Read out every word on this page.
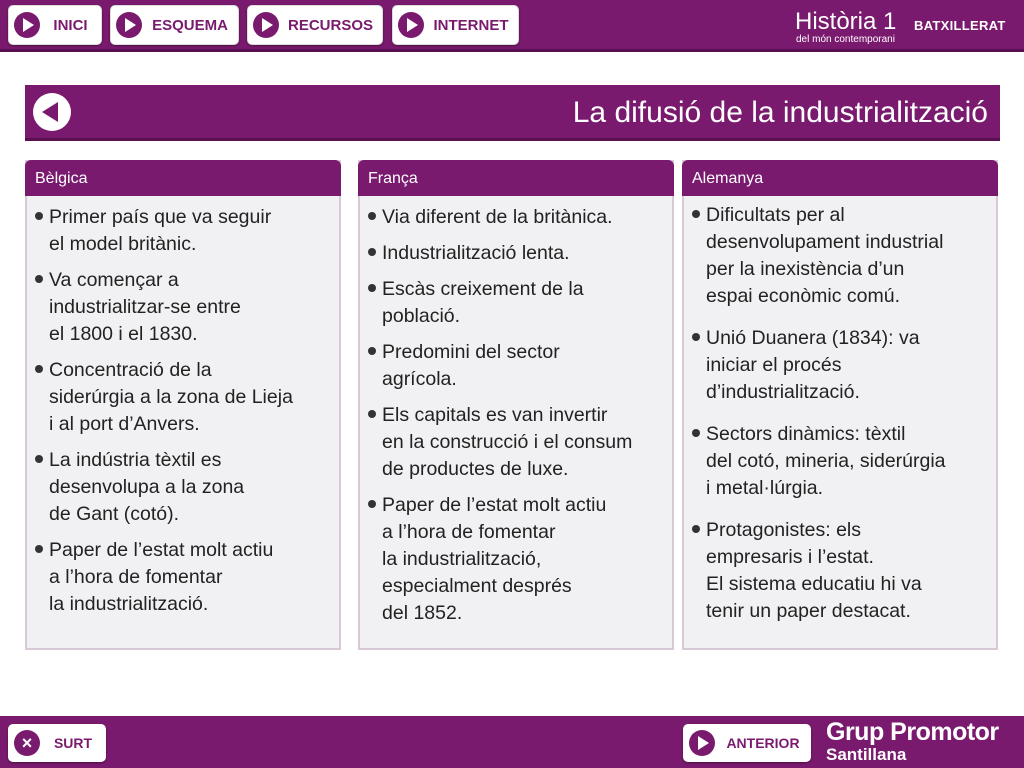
INICI	ESQUEMA	RECURSOS	INTERNET	Història 1 BATXILLERAT
del món contemporani
La difusió de la industrialització
Bèlgica
Primer país que va seguir
el model britànic.
Va començar a
industrialitzar-se entre
el 1800 i el 1830.
Concentració de la
siderúrgia a la zona de Lieja
i al port d’Anvers.
La indústria tèxtil es
desenvolupa a la zona
de Gant (cotó).
Paper de l’estat molt actiu
a l’hora de fomentar
la industrialització.
França
Via diferent de la britànica.
Industrialització lenta.
Escàs creixement de la
població.
Predomini del sector
agrícola.
Els capitals es van invertir
en la construcció i el consum
de productes de luxe.
Paper de l’estat molt actiu
a l’hora de fomentar
la industrialització,
especialment després
del 1852.
Alemanya
Dificultats per al
desenvolupament industrial
per la inexistència d’un
espai econòmic comú.
Unió Duanera (1834): va
iniciar el procés
d’industrialització.
Sectors dinàmics: tèxtil
del cotó, mineria, siderúrgia
i metal·lúrgia.
Protagonistes: els
empresaris i l’estat.
El sistema educatiu hi va
tenir un paper destacat.
×	SURT	ANTERIOR	Grup Promotor
Santillana
